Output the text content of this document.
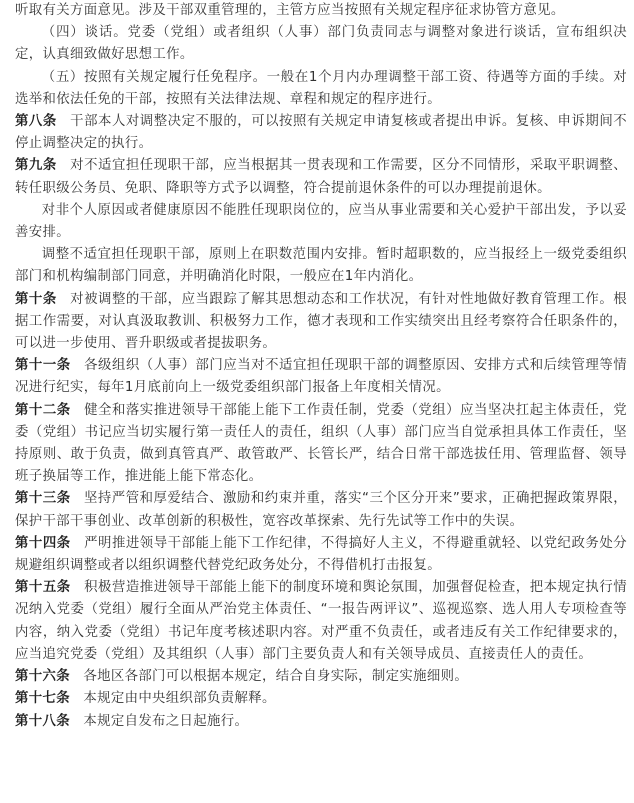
听取有关方面意见。涉及干部双重管理的，主管方应当按照有关规定程序征求协管方意见。

（四）谈话。党委（党组）或者组织（人事）部门负责同志与调整对象进行谈话，宣布组织决定，认真细致做好思想工作。

（五）按照有关规定履行任免程序。一般在1个月内办理调整干部工资、待遇等方面的手续。对选举和依法任免的干部，按照有关法律法规、章程和规定的程序进行。

第八条 干部本人对调整决定不服的，可以按照有关规定申请复核或者提出申诉。复核、申诉期间不停止调整决定的执行。

第九条 对不适宜担任现职干部，应当根据其一贯表现和工作需要，区分不同情形，采取平职调整、转任职级公务员、免职、降职等方式予以调整，符合提前退休条件的可以办理提前退休。

对非个人原因或者健康原因不能胜任现职岗位的，应当从事业需要和关心爱护干部出发，予以妥善安排。

调整不适宜担任现职干部，原则上在职数范围内安排。暂时超职数的，应当报经上一级党委组织部门和机构编制部门同意，并明确消化时限，一般应在1年内消化。

第十条 对被调整的干部，应当跟踪了解其思想动态和工作状况，有针对性地做好教育管理工作。根据工作需要，对认真汲取教训、积极努力工作，德才表现和工作实绩突出且经考察符合任职条件的，可以进一步使用、晋升职级或者提拔职务。

第十一条 各级组织（人事）部门应当对不适宜担任现职干部的调整原因、安排方式和后续管理等情况进行纪实，每年1月底前向上一级党委组织部门报备上年度相关情况。

第十二条 健全和落实推进领导干部能上能下工作责任制，党委（党组）应当坚决扛起主体责任，党委（党组）书记应当切实履行第一责任人的责任，组织（人事）部门应当自觉承担具体工作责任，坚持原则、敢于负责，做到真管真严、敢管敢严、长管长严，结合日常干部选拔任用、管理监督、领导班子换届等工作，推进能上能下常态化。

第十三条 坚持严管和厚爱结合、激励和约束并重，落实“三个区分开来”要求，正确把握政策界限，保护干部干事创业、改革创新的积极性，宽容改革探索、先行先试等工作中的失误。

第十四条 严明推进领导干部能上能下工作纪律，不得搞好人主义，不得避重就轻、以党纪政务处分规避组织调整或者以组织调整代替党纪政务处分，不得借机打击报复。

第十五条 积极营造推进领导干部能上能下的制度环境和舆论氛围，加强督促检查，把本规定执行情况纳入党委（党组）履行全面从严治党主体责任、“一报告两评议”、巡视巡察、选人用人专项检查等内容，纳入党委（党组）书记年度考核述职内容。对严重不负责任，或者违反有关工作纪律要求的，应当追究党委（党组）及其组织（人事）部门主要负责人和有关领导成员、直接责任人的责任。

第十六条 各地区各部门可以根据本规定，结合自身实际，制定实施细则。

第十七条 本规定由中央组织部负责解释。

第十八条 本规定自发布之日起施行。
